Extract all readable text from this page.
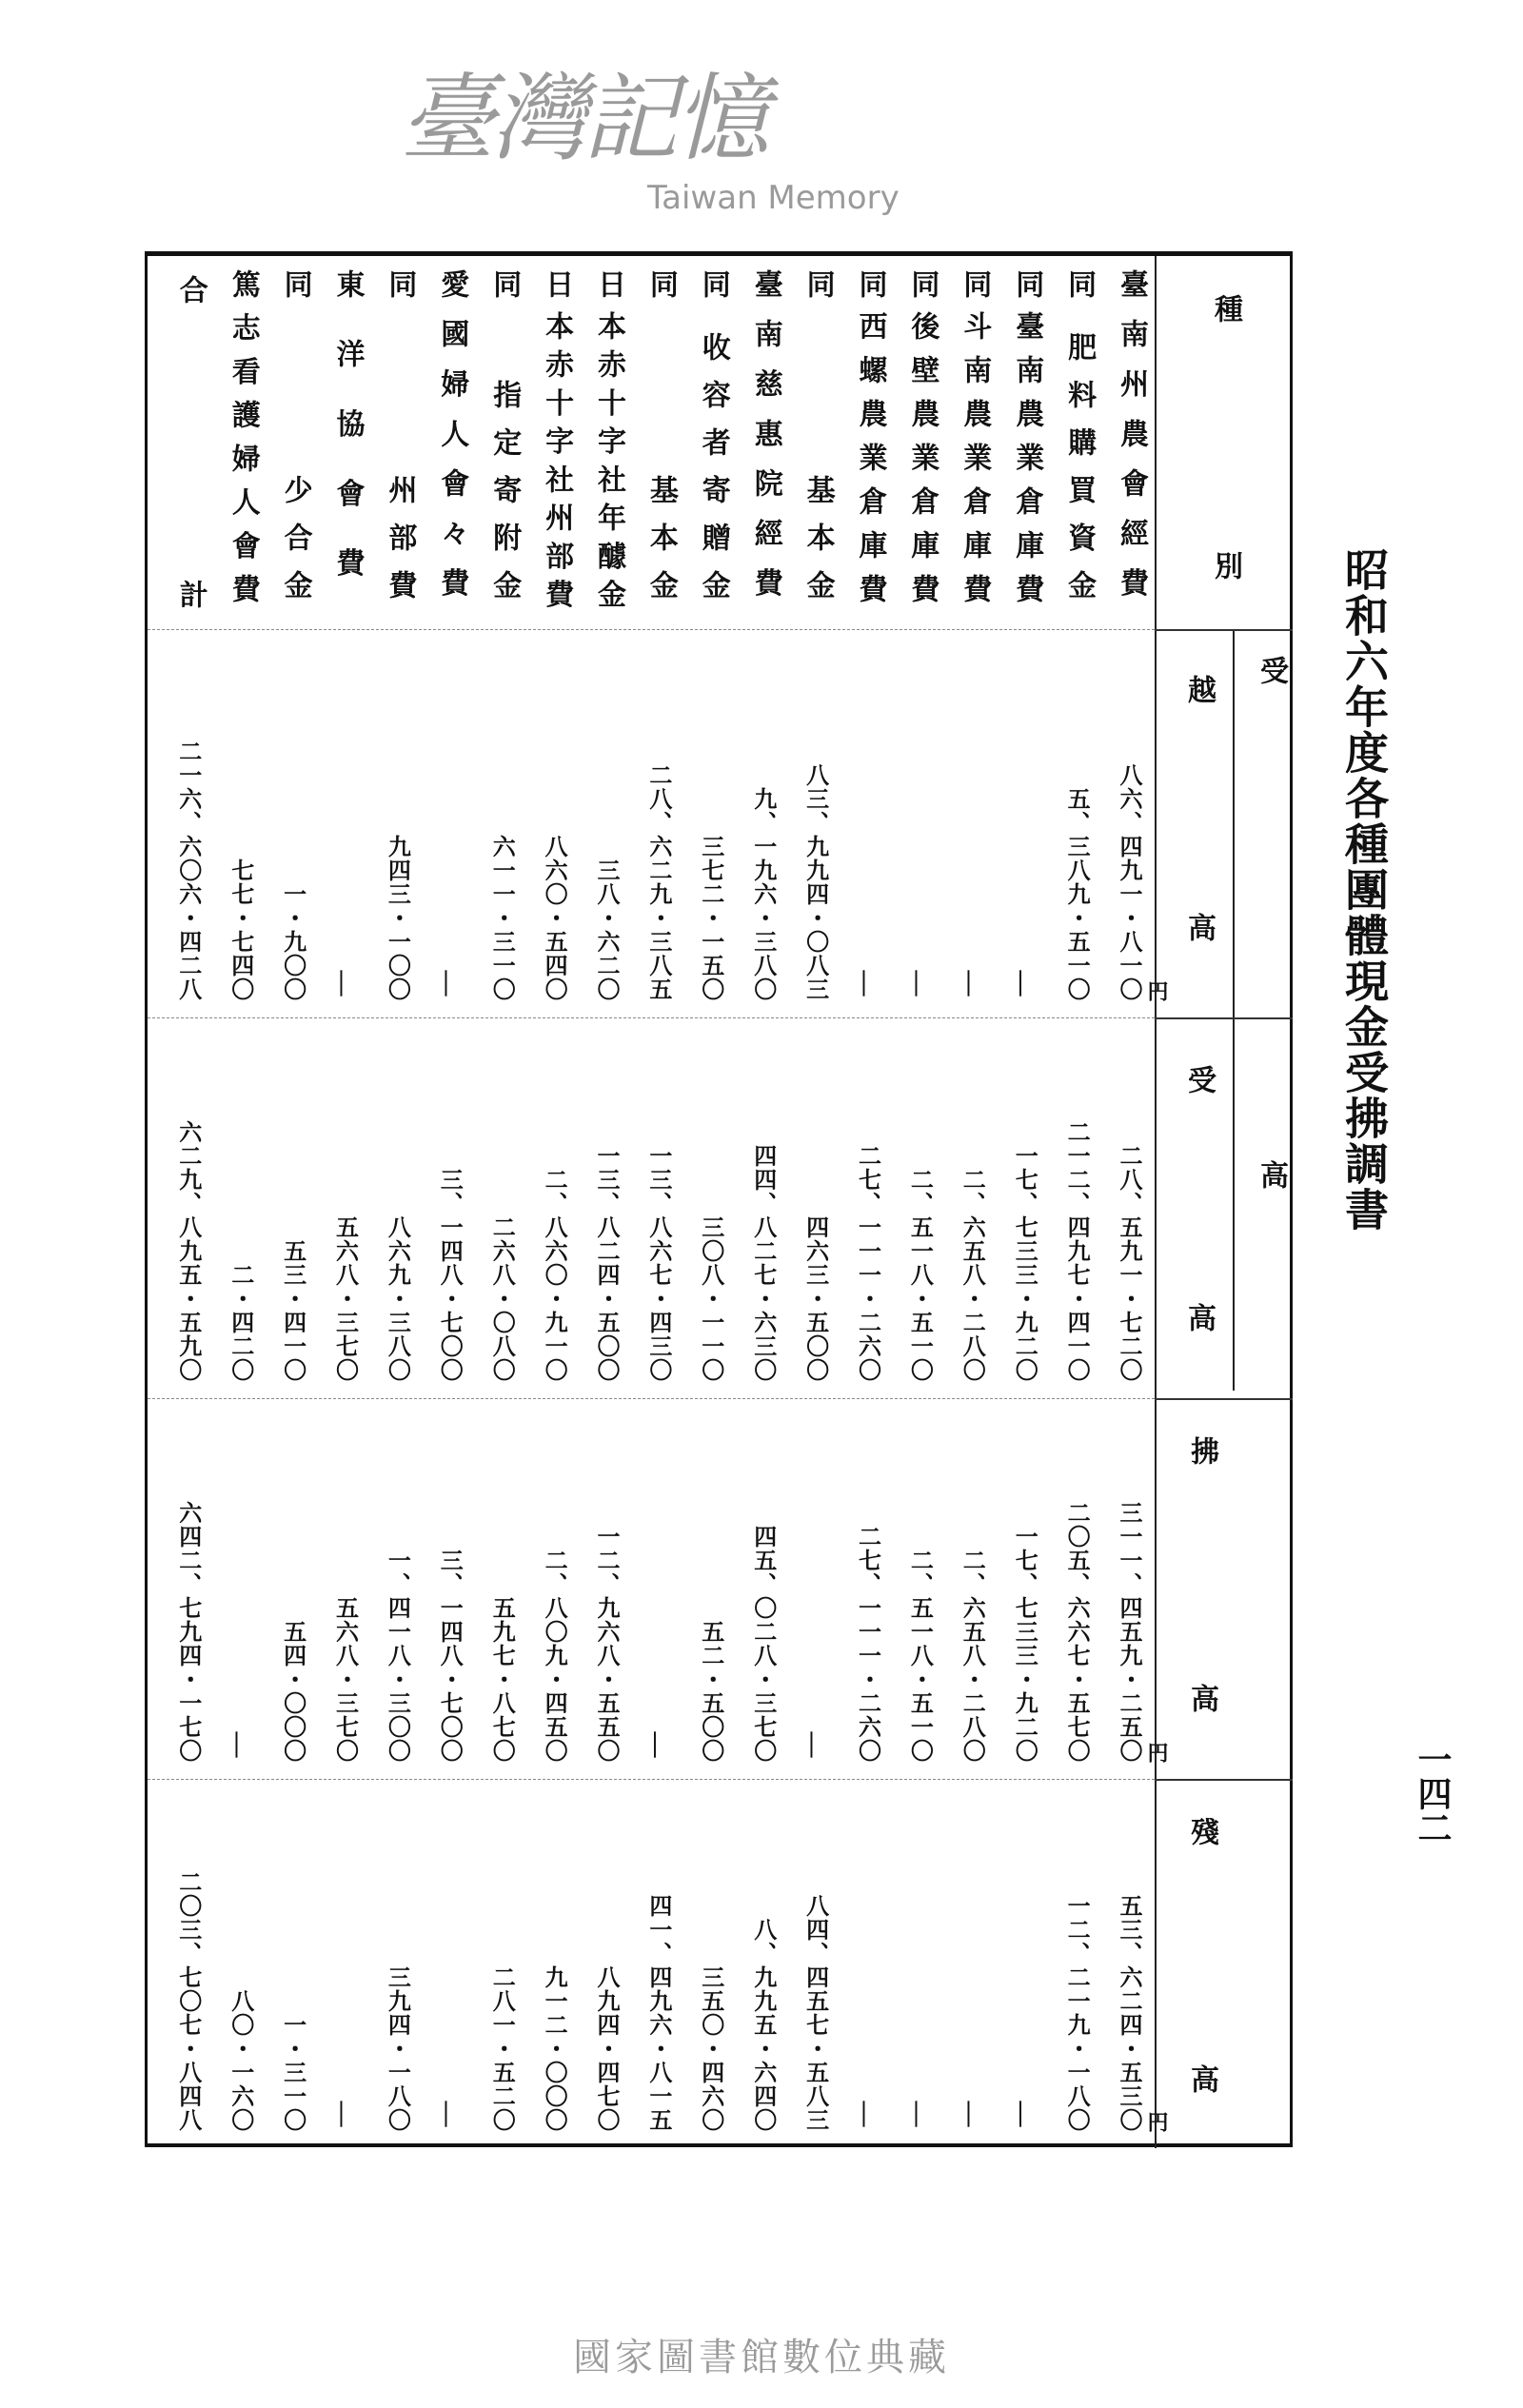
昭和六年度各種團體現金受拂調書
一四二
臺灣記憶
Taiwan Memory
種別
受高
越高
受高
拂高
殘高
臺南州農會經費
八六、四九一・八一〇 円
二八、五九一・七二〇
三一一、四五九・二五〇 円
五三、六二四・五三〇 円
同
肥料購買資金
五、三八九・五一〇
二一二、四九七・四一〇
二〇五、六六七・五七〇
一二、二一九・一八〇
同
臺南農業倉庫費
—
一七、七三三・九二〇
一七、七三三・九二〇
—
同
斗南農業倉庫費
—
二、六五八・二八〇
二、六五八・二八〇
—
同
後壁農業倉庫費
—
二、五一八・五一〇
二、五一八・五一〇
—
同
西螺農業倉庫費
—
二七、一一一・二六〇
二七、一一一・二六〇
—
同
基本金
八三、九九四・〇八三
四六三・五〇〇
—
八四、四五七・五八三
臺南慈惠院經費
九、一九六・三八〇
四四、八二七・六三〇
四五、〇二八・三七〇
八、九九五・六四〇
同
收容者寄贈金
三七二・一五〇
三〇八・一一〇
五二・五〇〇
三五〇・四六〇
同
基本金
二八、六二九・三八五
一三、八六七・四三〇
—
四一、四九六・八一五
日
本赤十字社年醵金
三八・六二〇
一三、八二四・五〇〇
一二、九六八・五五〇
八九四・四七〇
日
本赤十字社州部費
八六〇・五四〇
二、八六〇・九一〇
二、八〇九・四五〇
九一二・〇〇〇
同
指定寄附金
六一一・三一〇
二六八・〇八〇
五九七・八七〇
二八一・五二〇
愛國婦人會々費
—
三、一四八・七〇〇
三、一四八・七〇〇
—
同
州部費
九四三・一〇〇
八六九・三八〇
一、四一八・三〇〇
三九四・一八〇
東洋協會費
—
五六八・三七〇
五六八・三七〇
—
同
少合金
一・九〇〇
五三・四一〇
五四・〇〇〇
一・三一〇
篤志看護婦人會費
七七・七四〇
二・四二〇
—
八〇・一六〇
合
計
二一六、六〇六・四二八
六二九、八九五・五九〇
六四二、七九四・一七〇
二〇三、七〇七・八四八
國家圖書館數位典藏
